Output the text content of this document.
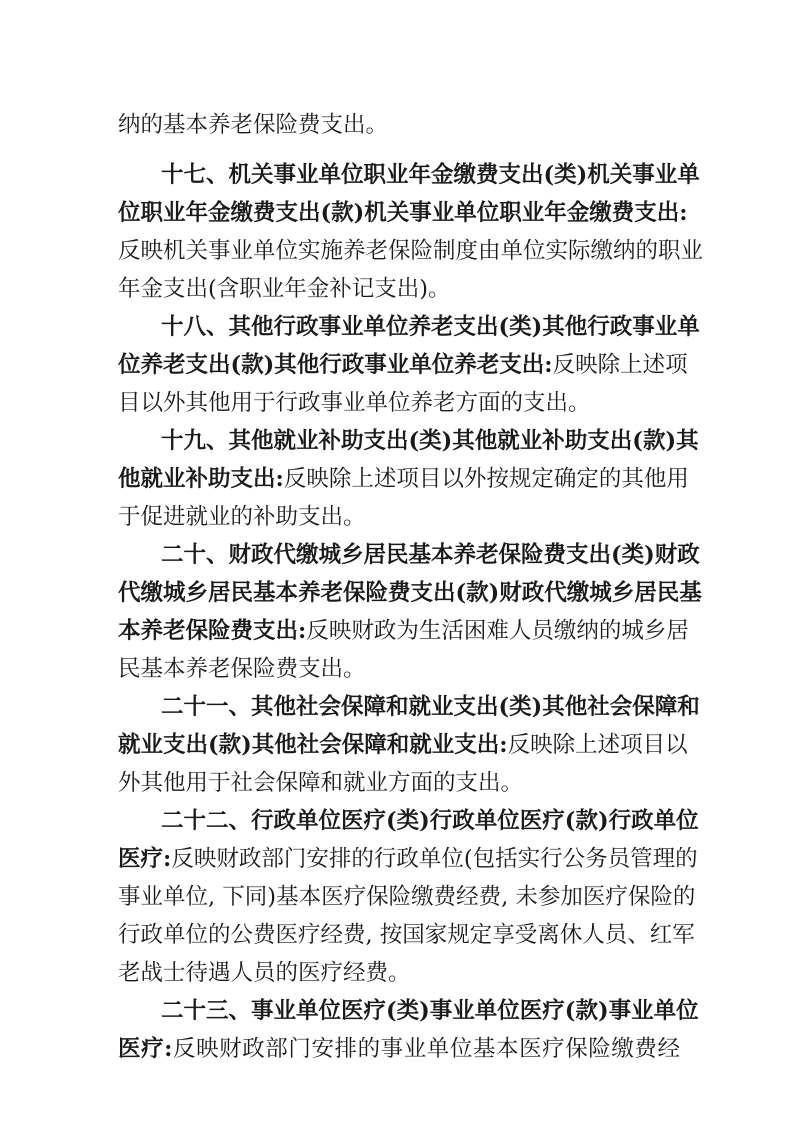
纳的基本养老保险费支出。
十七、机关事业单位职业年金缴费支出(类)机关事业单
位职业年金缴费支出(款)机关事业单位职业年金缴费支出:
反映机关事业单位实施养老保险制度由单位实际缴纳的职业
年金支出(含职业年金补记支出)。
十八、其他行政事业单位养老支出(类)其他行政事业单
位养老支出(款)其他行政事业单位养老支出:反映除上述项
目以外其他用于行政事业单位养老方面的支出。
十九、其他就业补助支出(类)其他就业补助支出(款)其
他就业补助支出:反映除上述项目以外按规定确定的其他用
于促进就业的补助支出。
二十、财政代缴城乡居民基本养老保险费支出(类)财政
代缴城乡居民基本养老保险费支出(款)财政代缴城乡居民基
本养老保险费支出:反映财政为生活困难人员缴纳的城乡居
民基本养老保险费支出。
二十一、其他社会保障和就业支出(类)其他社会保障和
就业支出(款)其他社会保障和就业支出:反映除上述项目以
外其他用于社会保障和就业方面的支出。
二十二、行政单位医疗(类)行政单位医疗(款)行政单位
医疗:反映财政部门安排的行政单位(包括实行公务员管理的
事业单位, 下同)基本医疗保险缴费经费, 未参加医疗保险的
行政单位的公费医疗经费, 按国家规定享受离休人员、红军
老战士待遇人员的医疗经费。
二十三、事业单位医疗(类)事业单位医疗(款)事业单位
医疗:反映财政部门安排的事业单位基本医疗保险缴费经
